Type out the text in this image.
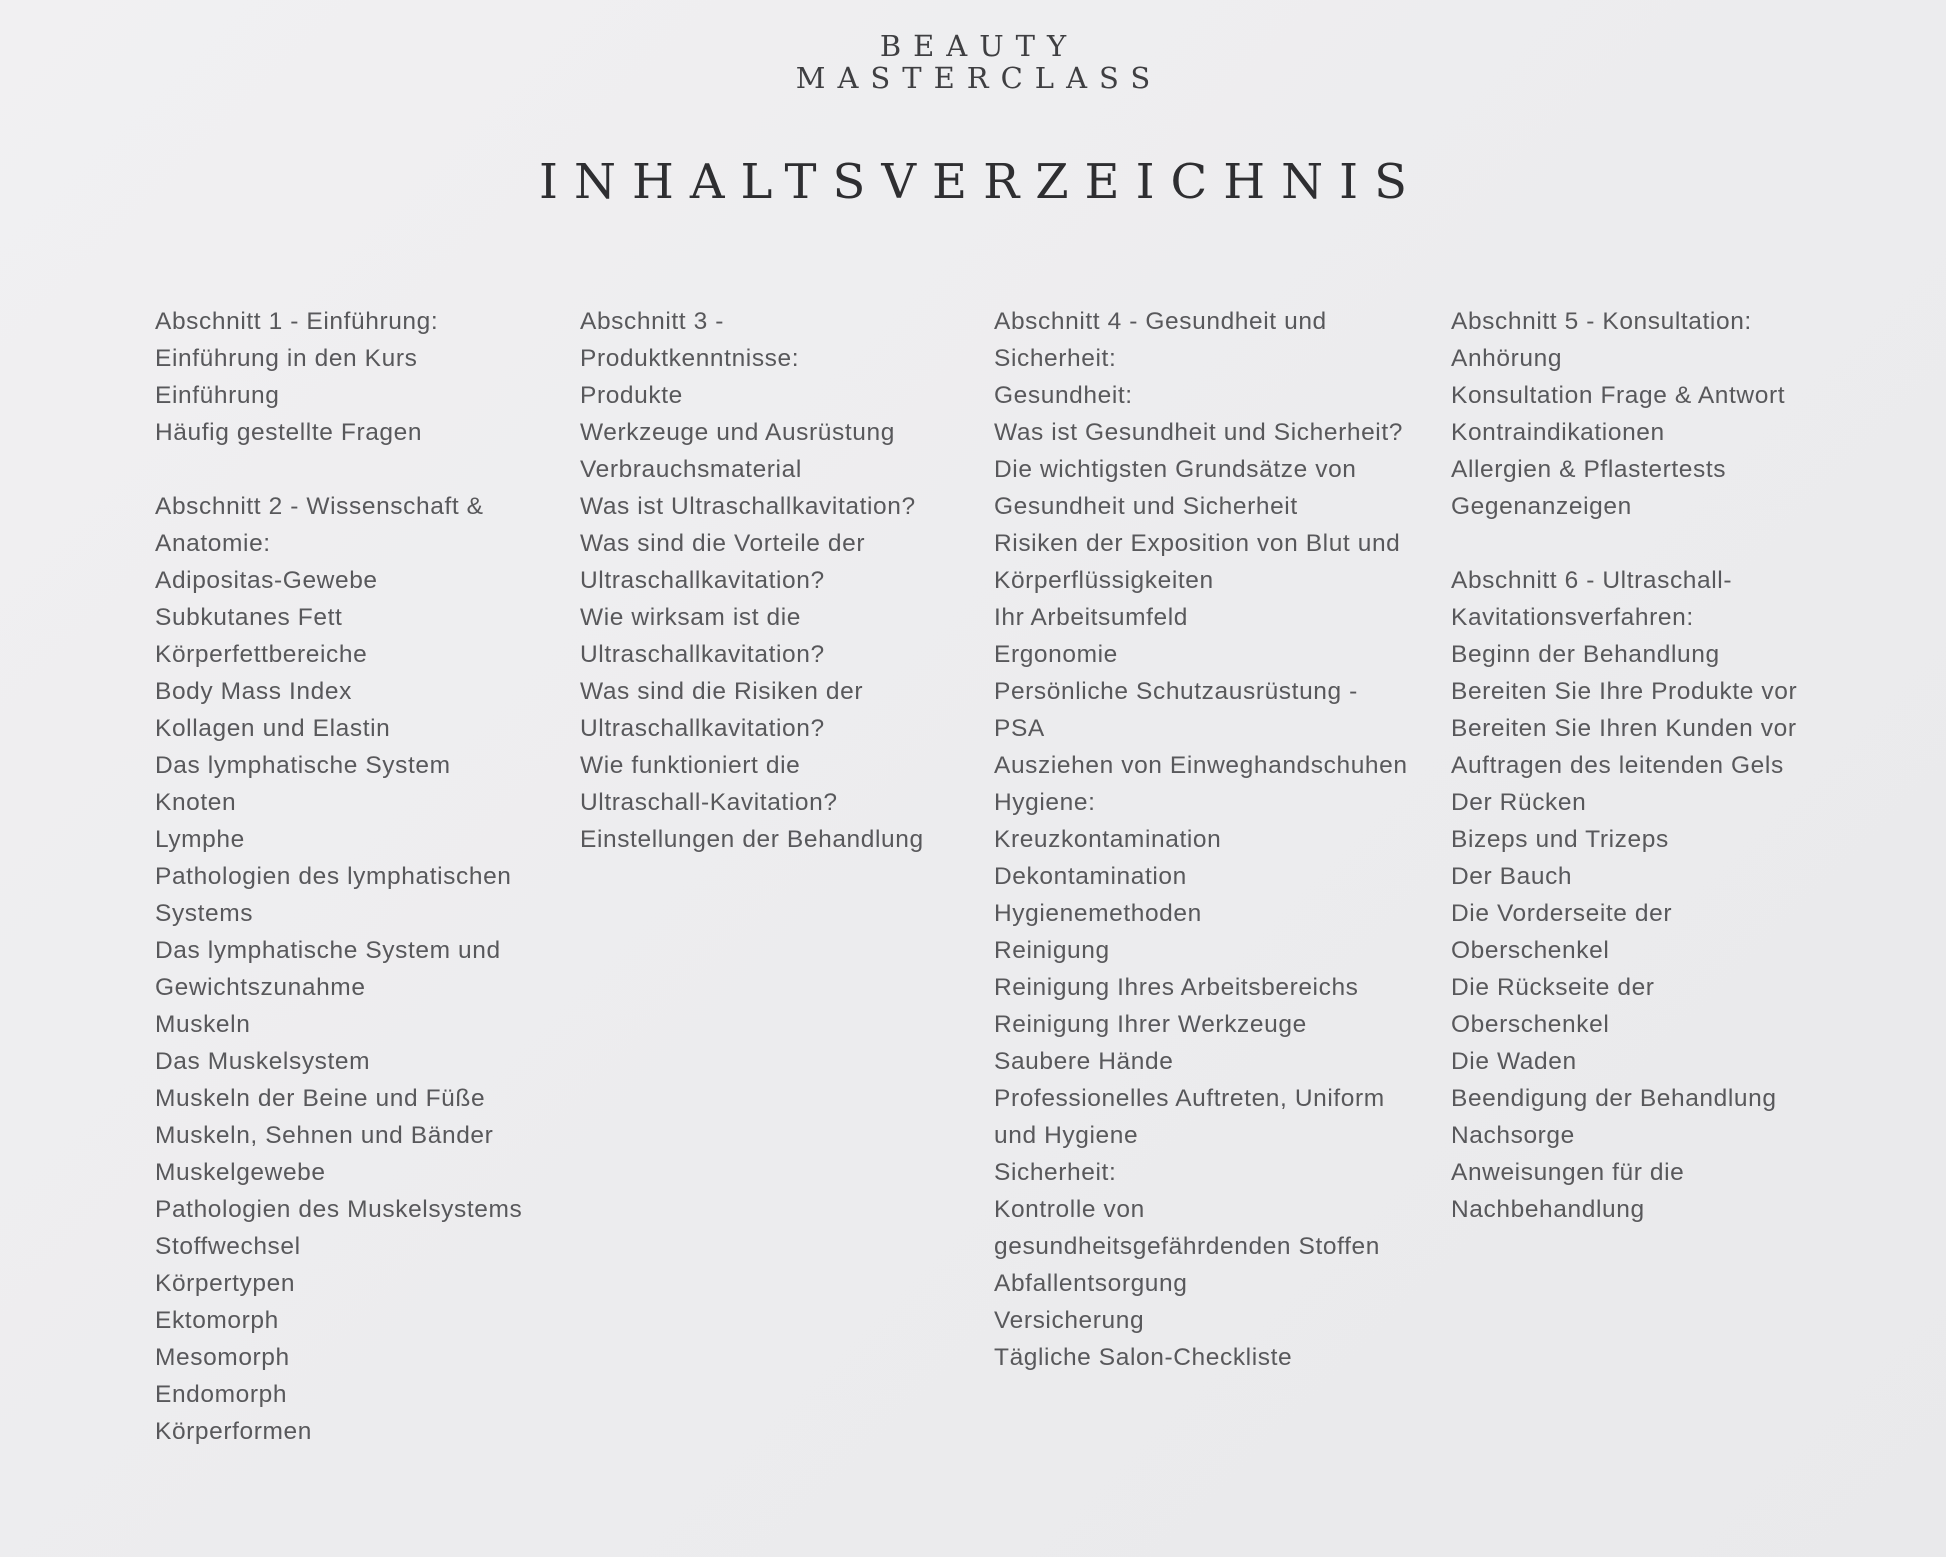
BEAUTY
MASTERCLASS
INHALTSVERZEICHNIS
Abschnitt 1 - Einführung:
Einführung in den Kurs
Einführung
Häufig gestellte Fragen
Abschnitt 2 - Wissenschaft &
Anatomie:
Adipositas-Gewebe
Subkutanes Fett
Körperfettbereiche
Body Mass Index
Kollagen und Elastin
Das lymphatische System
Knoten
Lymphe
Pathologien des lymphatischen
Systems
Das lymphatische System und
Gewichtszunahme
Muskeln
Das Muskelsystem
Muskeln der Beine und Füße
Muskeln, Sehnen und Bänder
Muskelgewebe
Pathologien des Muskelsystems
Stoffwechsel
Körpertypen
Ektomorph
Mesomorph
Endomorph
Körperformen
Abschnitt 3 -
Produktkenntnisse:
Produkte
Werkzeuge und Ausrüstung
Verbrauchsmaterial
Was ist Ultraschallkavitation?
Was sind die Vorteile der
Ultraschallkavitation?
Wie wirksam ist die
Ultraschallkavitation?
Was sind die Risiken der
Ultraschallkavitation?
Wie funktioniert die
Ultraschall-Kavitation?
Einstellungen der Behandlung
Abschnitt 4 - Gesundheit und
Sicherheit:
Gesundheit:
Was ist Gesundheit und Sicherheit?
Die wichtigsten Grundsätze von
Gesundheit und Sicherheit
Risiken der Exposition von Blut und
Körperflüssigkeiten
Ihr Arbeitsumfeld
Ergonomie
Persönliche Schutzausrüstung -
PSA
Ausziehen von Einweghandschuhen
Hygiene:
Kreuzkontamination
Dekontamination
Hygienemethoden
Reinigung
Reinigung Ihres Arbeitsbereichs
Reinigung Ihrer Werkzeuge
Saubere Hände
Professionelles Auftreten, Uniform
und Hygiene
Sicherheit:
Kontrolle von
gesundheitsgefährdenden Stoffen
Abfallentsorgung
Versicherung
Tägliche Salon-Checkliste
Abschnitt 5 - Konsultation:
Anhörung
Konsultation Frage & Antwort
Kontraindikationen
Allergien & Pflastertests
Gegenanzeigen
Abschnitt 6 - Ultraschall-
Kavitationsverfahren:
Beginn der Behandlung
Bereiten Sie Ihre Produkte vor
Bereiten Sie Ihren Kunden vor
Auftragen des leitenden Gels
Der Rücken
Bizeps und Trizeps
Der Bauch
Die Vorderseite der
Oberschenkel
Die Rückseite der
Oberschenkel
Die Waden
Beendigung der Behandlung
Nachsorge
Anweisungen für die
Nachbehandlung
